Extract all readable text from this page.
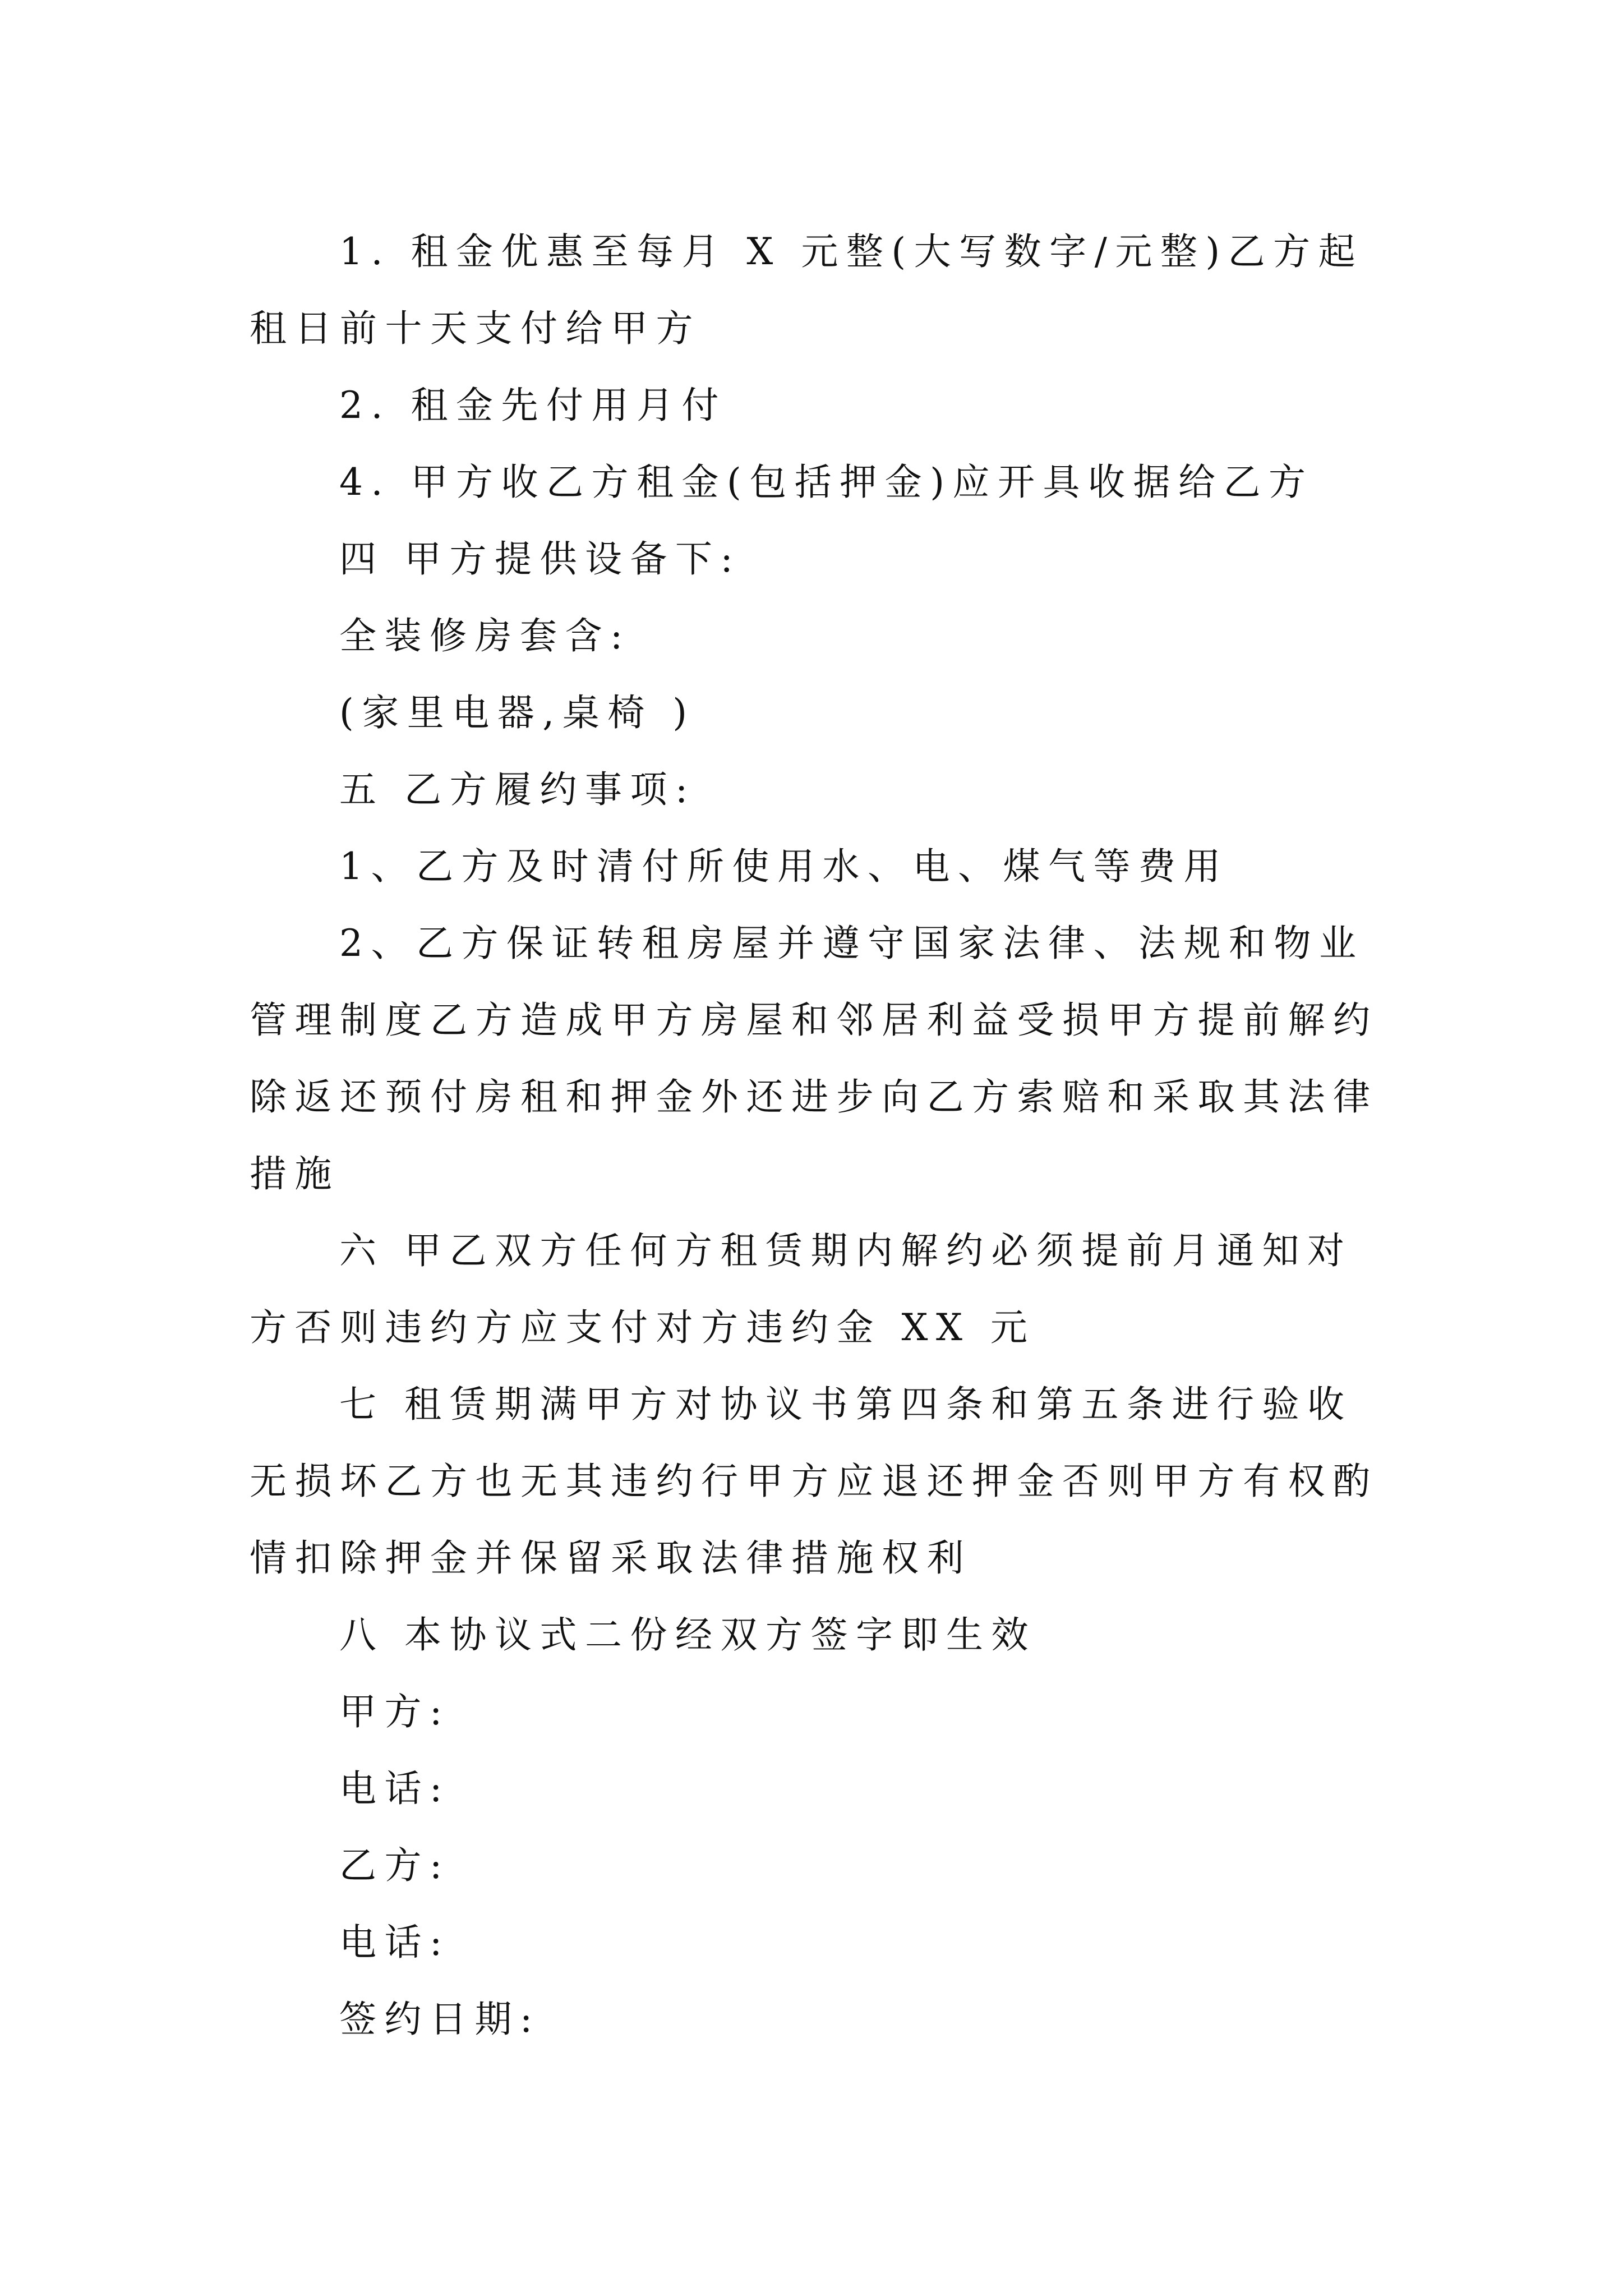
1. 租金优惠至每月 X 元整(大写数字/元整)乙方起租日前十天支付给甲方

2. 租金先付用月付

4. 甲方收乙方租金(包括押金)应开具收据给乙方

四 甲方提供设备下:

全装修房套含:

(家里电器,桌椅 )

五 乙方履约事项:

1、乙方及时清付所使用水、电、煤气等费用

2、乙方保证转租房屋并遵守国家法律、法规和物业管理制度乙方造成甲方房屋和邻居利益受损甲方提前解约除返还预付房租和押金外还进步向乙方索赔和采取其法律措施

六 甲乙双方任何方租赁期内解约必须提前月通知对方否则违约方应支付对方违约金 XX 元

七 租赁期满甲方对协议书第四条和第五条进行验收无损坏乙方也无其违约行甲方应退还押金否则甲方有权酌情扣除押金并保留采取法律措施权利

八 本协议式二份经双方签字即生效

甲方:

电话:

乙方:

电话:

签约日期:
